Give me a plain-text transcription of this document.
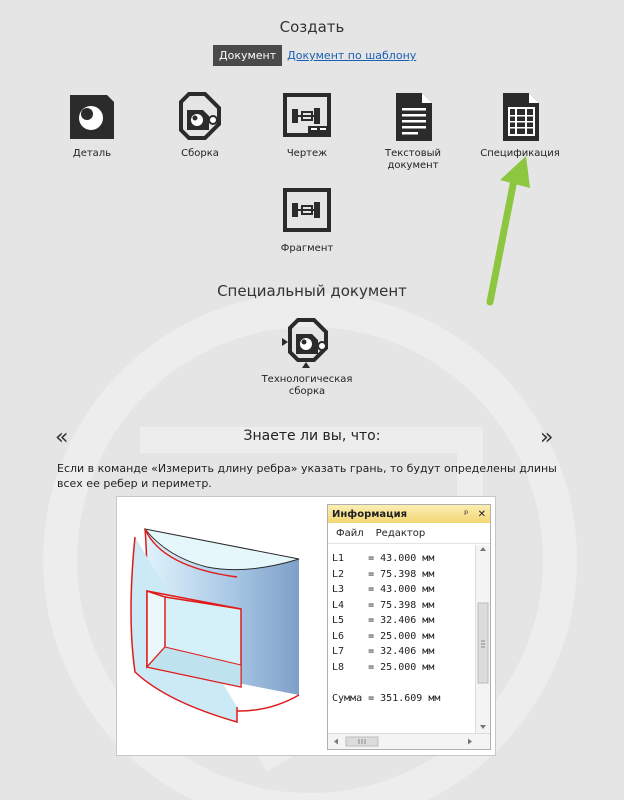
Создать
Документ	Документ по шаблону
Деталь	Сборка	Чертеж	Текстовый документ
Спецификация
Фрагмент
Специальный документ
Технологическая сборка
«	Знаете ли вы, что:	»
Если в команде «Измерить длину ребра» указать грань, то будут определены длины всех ее ребер и периметр.
Информация	ᵖ ✕
Файл Редактор
L1    = 43.000 мм
L2    = 75.398 мм
L3    = 43.000 мм
L4    = 75.398 мм
L5    = 32.406 мм
L6    = 25.000 мм
L7    = 32.406 мм
L8    = 25.000 мм
Сумма = 351.609 мм
